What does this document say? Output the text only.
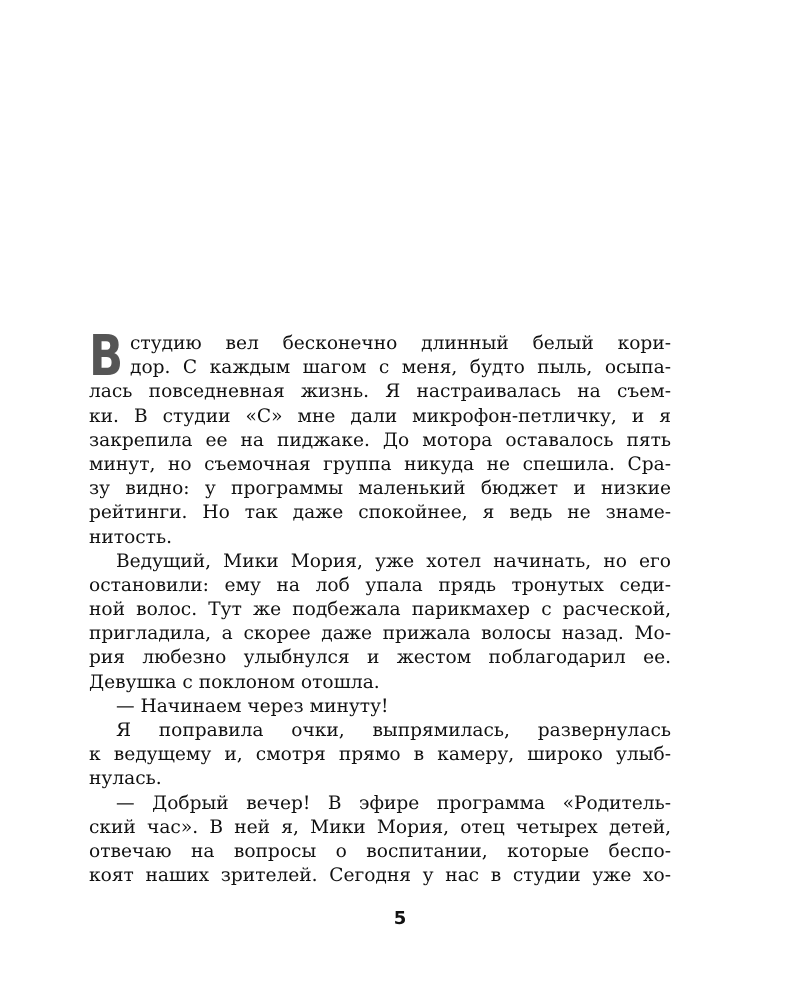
В студию вел бесконечно длинный белый кори-
дор. С каждым шагом с меня, будто пыль, осыпа-
лась повседневная жизнь. Я настраивалась на съем-
ки. В студии «С» мне дали микрофон-петличку, и я
закрепила ее на пиджаке. До мотора оставалось пять
минут, но съемочная группа никуда не спешила. Сра-
зу видно: у программы маленький бюджет и низкие
рейтинги. Но так даже спокойнее, я ведь не знаме-
нитость.
Ведущий, Мики Мория, уже хотел начинать, но его
остановили: ему на лоб упала прядь тронутых седи-
ной волос. Тут же подбежала парикмахер с расческой,
пригладила, а скорее даже прижала волосы назад. Мо-
рия любезно улыбнулся и жестом поблагодарил ее.
Девушка с поклоном отошла.
— Начинаем через минуту!
Я поправила очки, выпрямилась, развернулась
к ведущему и, смотря прямо в камеру, широко улыб-
нулась.
— Добрый вечер! В эфире программа «Родитель-
ский час». В ней я, Мики Мория, отец четырех детей,
отвечаю на вопросы о воспитании, которые беспо-
коят наших зрителей. Сегодня у нас в студии уже хо-
5
